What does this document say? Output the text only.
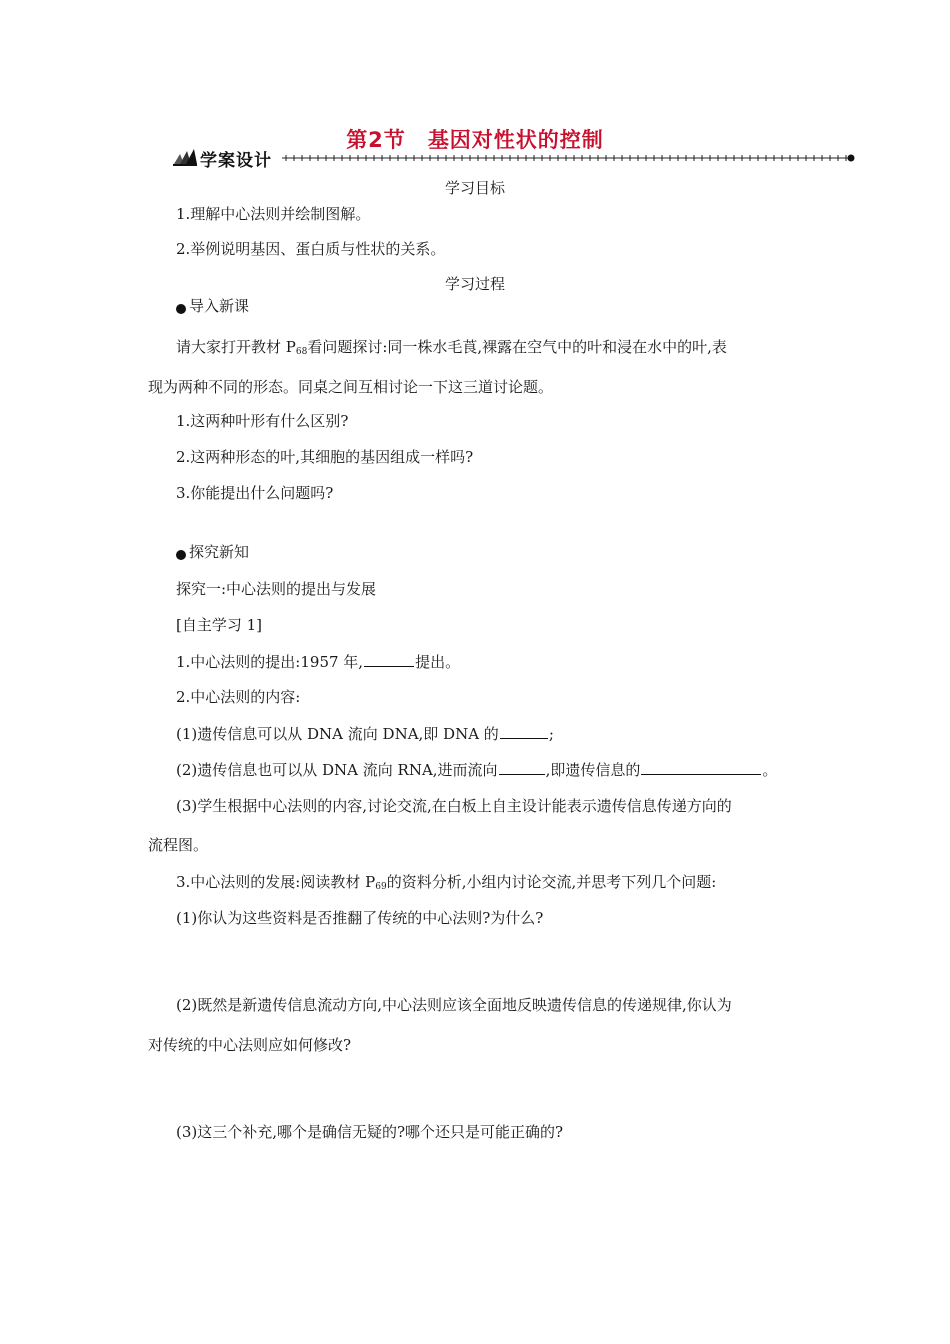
第2节 基因对性状的控制
学案设计
学习目标
1.理解中心法则并绘制图解。
2.举例说明基因、蛋白质与性状的关系。
学习过程
导入新课
请大家打开教材 $P_{68}$看问题探讨:同一株水毛莨,裸露在空气中的叶和浸在水中的叶,表
现为两种不同的形态。同桌之间互相讨论一下这三道讨论题。
1.这两种叶形有什么区别?
2.这两种形态的叶,其细胞的基因组成一样吗?
3.你能提出什么问题吗?
探究新知
探究一:中心法则的提出与发展
[自主学习 1]
1.中心法则的提出:1957 年,	提出。
2.中心法则的内容:
(1)遗传信息可以从 DNA 流向 DNA,即 DNA 的	;
(2)遗传信息也可以从 DNA 流向 RNA,进而流向	,即遗传信息的	。
(3)学生根据中心法则的内容,讨论交流,在白板上自主设计能表示遗传信息传递方向的
流程图。
3.中心法则的发展:阅读教材 $P_{69}$的资料分析,小组内讨论交流,并思考下列几个问题:
(1)你认为这些资料是否推翻了传统的中心法则?为什么?
(2)既然是新遗传信息流动方向,中心法则应该全面地反映遗传信息的传递规律,你认为
对传统的中心法则应如何修改?
(3)这三个补充,哪个是确信无疑的?哪个还只是可能正确的?
